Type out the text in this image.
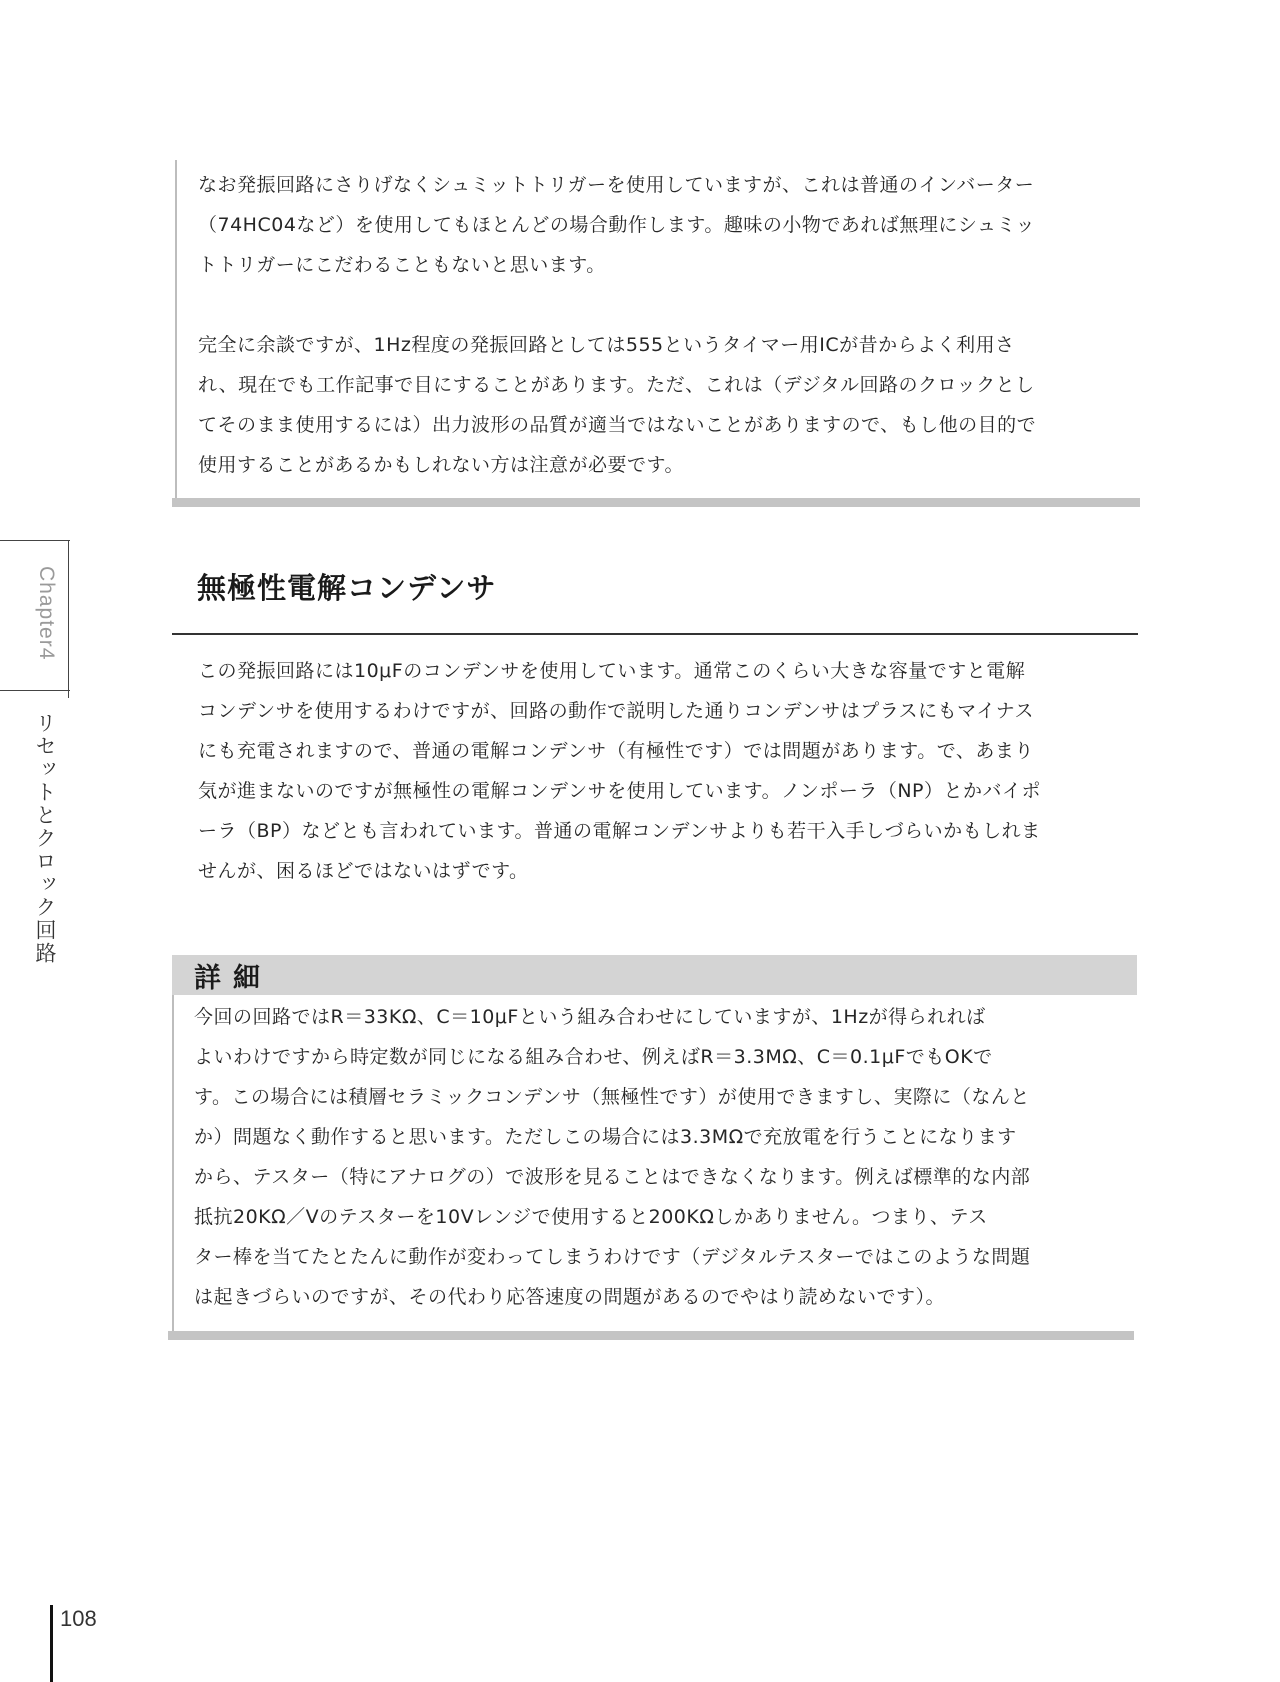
なお発振回路にさりげなくシュミットトリガーを使用していますが、これは普通のインバーター
（74HC04など）を使用してもほとんどの場合動作します。趣味の小物であれば無理にシュミッ
トトリガーにこだわることもないと思います。

完全に余談ですが、1Hz程度の発振回路としては555というタイマー用ICが昔からよく利用さ
れ、現在でも工作記事で目にすることがあります。ただ、これは（デジタル回路のクロックとし
てそのまま使用するには）出力波形の品質が適当ではないことがありますので、もし他の目的で
使用することがあるかもしれない方は注意が必要です。

無極性電解コンデンサ

この発振回路には10μFのコンデンサを使用しています。通常このくらい大きな容量ですと電解
コンデンサを使用するわけですが、回路の動作で説明した通りコンデンサはプラスにもマイナス
にも充電されますので、普通の電解コンデンサ（有極性です）では問題があります。で、あまり
気が進まないのですが無極性の電解コンデンサを使用しています。ノンポーラ（NP）とかバイポ
ーラ（BP）などとも言われています。普通の電解コンデンサよりも若干入手しづらいかもしれま
せんが、困るほどではないはずです。

詳細

今回の回路ではR＝33KΩ、C＝10μFという組み合わせにしていますが、1Hzが得られれば
よいわけですから時定数が同じになる組み合わせ、例えばR＝3.3MΩ、C＝0.1μFでもOKで
す。この場合には積層セラミックコンデンサ（無極性です）が使用できますし、実際に（なんと
か）問題なく動作すると思います。ただしこの場合には3.3MΩで充放電を行うことになります
から、テスター（特にアナログの）で波形を見ることはできなくなります。例えば標準的な内部
抵抗20KΩ／Vのテスターを10Vレンジで使用すると200KΩしかありません。つまり、テス
ター棒を当てたとたんに動作が変わってしまうわけです（デジタルテスターではこのような問題
は起きづらいのですが、その代わり応答速度の問題があるのでやはり読めないです）。

Chapter4
リセットとクロック回路
108
